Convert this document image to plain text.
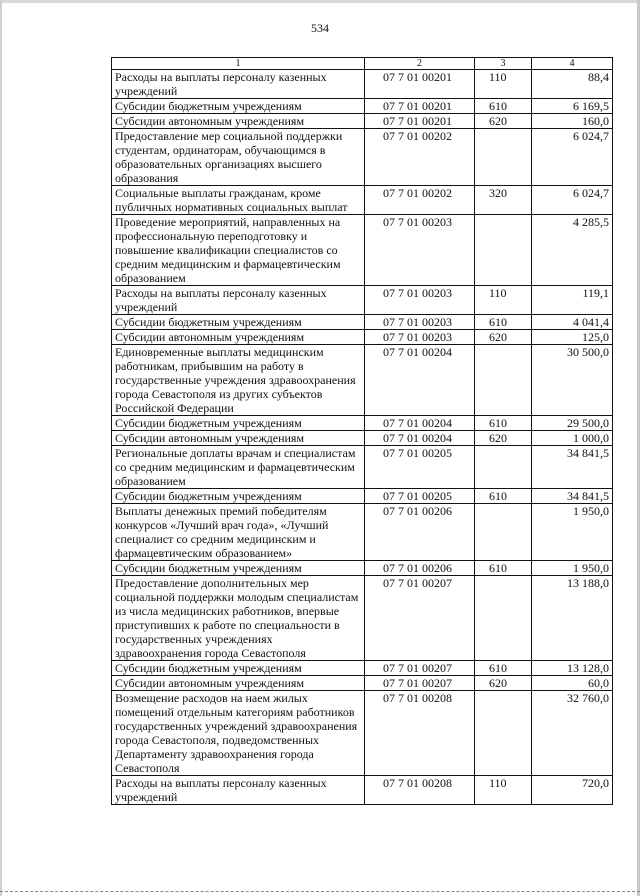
534
1	2	3	4
Расходы на выплаты персоналу казенных учреждений	07 7 01 00201	110	88,4
Субсидии бюджетным учреждениям	07 7 01 00201	610	6 169,5
Субсидии автономным учреждениям	07 7 01 00201	620	160,0
Предоставление мер социальной поддержки студентам, ординаторам, обучающимся в образовательных организациях высшего образования	07 7 01 00202		6 024,7
Социальные выплаты гражданам, кроме публичных нормативных социальных выплат	07 7 01 00202	320	6 024,7
Проведение мероприятий, направленных на профессиональную переподготовку и повышение квалификации специалистов со средним медицинским и фармацевтическим образованием	07 7 01 00203		4 285,5
Расходы на выплаты персоналу казенных учреждений	07 7 01 00203	110	119,1
Субсидии бюджетным учреждениям	07 7 01 00203	610	4 041,4
Субсидии автономным учреждениям	07 7 01 00203	620	125,0
Единовременные выплаты медицинским работникам, прибывшим на работу в государственные учреждения здравоохранения города Севастополя из других субъектов Российской Федерации	07 7 01 00204		30 500,0
Субсидии бюджетным учреждениям	07 7 01 00204	610	29 500,0
Субсидии автономным учреждениям	07 7 01 00204	620	1 000,0
Региональные доплаты врачам и специалистам со средним медицинским и фармацевтическим образованием	07 7 01 00205		34 841,5
Субсидии бюджетным учреждениям	07 7 01 00205	610	34 841,5
Выплаты денежных премий победителям конкурсов «Лучший врач года», «Лучший специалист со средним медицинским и фармацевтическим образованием»	07 7 01 00206		1 950,0
Субсидии бюджетным учреждениям	07 7 01 00206	610	1 950,0
Предоставление дополнительных мер социальной поддержки молодым специалистам из числа медицинских работников, впервые приступивших к работе по специальности в государственных учреждениях здравоохранения города Севастополя	07 7 01 00207		13 188,0
Субсидии бюджетным учреждениям	07 7 01 00207	610	13 128,0
Субсидии автономным учреждениям	07 7 01 00207	620	60,0
Возмещение расходов на наем жилых помещений отдельным категориям работников государственных учреждений здравоохранения города Севастополя, подведомственных Департаменту здравоохранения города Севастополя	07 7 01 00208		32 760,0
Расходы на выплаты персоналу казенных учреждений	07 7 01 00208	110	720,0
